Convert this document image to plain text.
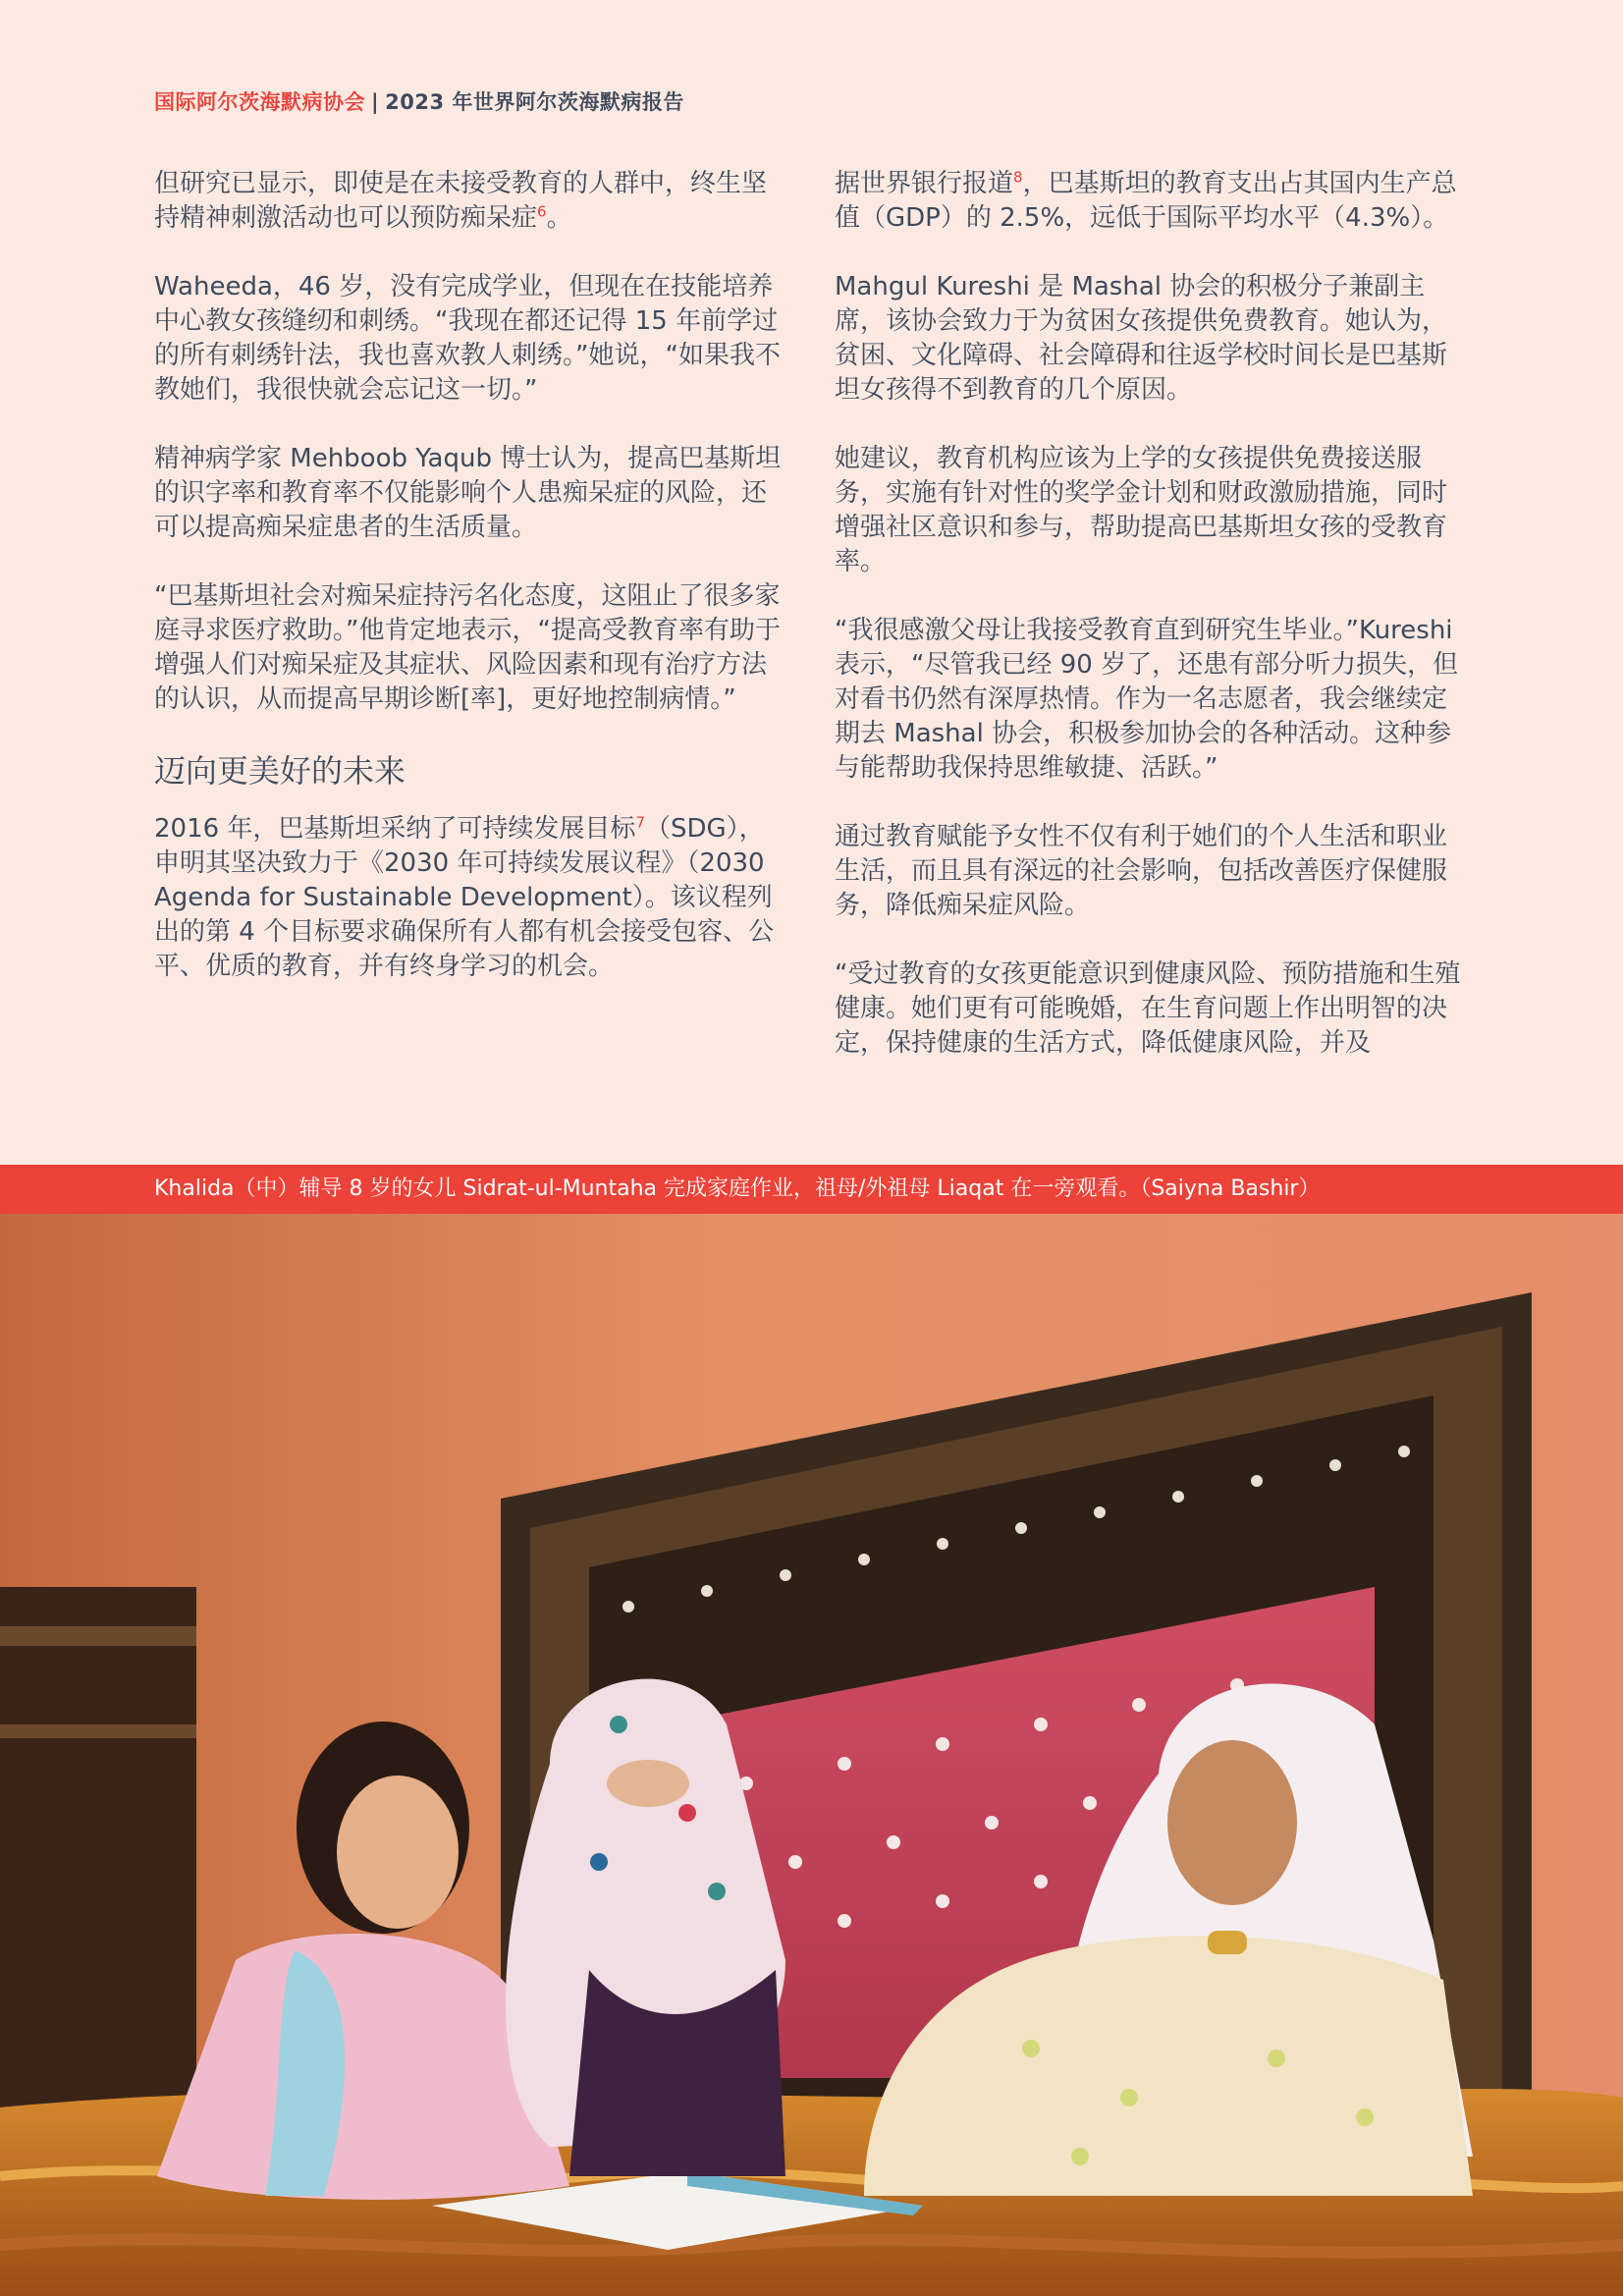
国际阿尔茨海默病协会 | 2023 年世界阿尔茨海默病报告

但研究已显示，即使是在未接受教育的人群中，终生坚持精神刺激活动也可以预防痴呆症$^6$。

Waheeda，46 岁，没有完成学业，但现在在技能培养中心教女孩缝纫和刺绣。“我现在都还记得 15 年前学过的所有刺绣针法，我也喜欢教人刺绣。”她说，“如果我不教她们，我很快就会忘记这一切。”

精神病学家 Mehboob Yaqub 博士认为，提高巴基斯坦的识字率和教育率不仅能影响个人患痴呆症的风险，还可以提高痴呆症患者的生活质量。

“巴基斯坦社会对痴呆症持污名化态度，这阻止了很多家庭寻求医疗救助。”他肯定地表示，“提高受教育率有助于增强人们对痴呆症及其症状、风险因素和现有治疗方法的认识，从而提高早期诊断[率]，更好地控制病情。”

迈向更美好的未来

2016 年，巴基斯坦采纳了可持续发展目标$^7$（SDG），申明其坚决致力于《2030 年可持续发展议程》（2030 Agenda for Sustainable Development）。该议程列出的第 4 个目标要求确保所有人都有机会接受包容、公平、优质的教育，并有终身学习的机会。

据世界银行报道$^8$，巴基斯坦的教育支出占其国内生产总值（GDP）的 2.5%，远低于国际平均水平（4.3%）。

Mahgul Kureshi 是 Mashal 协会的积极分子兼副主席，该协会致力于为贫困女孩提供免费教育。她认为，贫困、文化障碍、社会障碍和往返学校时间长是巴基斯坦女孩得不到教育的几个原因。

她建议，教育机构应该为上学的女孩提供免费接送服务，实施有针对性的奖学金计划和财政激励措施，同时增强社区意识和参与，帮助提高巴基斯坦女孩的受教育率。

“我很感激父母让我接受教育直到研究生毕业。”Kureshi 表示，“尽管我已经 90 岁了，还患有部分听力损失，但对看书仍然有深厚热情。作为一名志愿者，我会继续定期去 Mashal 协会，积极参加协会的各种活动。这种参与能帮助我保持思维敏捷、活跃。”

通过教育赋能予女性不仅有利于她们的个人生活和职业生活，而且具有深远的社会影响，包括改善医疗保健服务，降低痴呆症风险。

“受过教育的女孩更能意识到健康风险、预防措施和生殖健康。她们更有可能晚婚，在生育问题上作出明智的决定，保持健康的生活方式，降低健康风险，并及

Khalida（中）辅导 8 岁的女儿 Sidrat-ul-Muntaha 完成家庭作业，祖母/外祖母 Liaqat 在一旁观看。（Saiyna Bashir）
